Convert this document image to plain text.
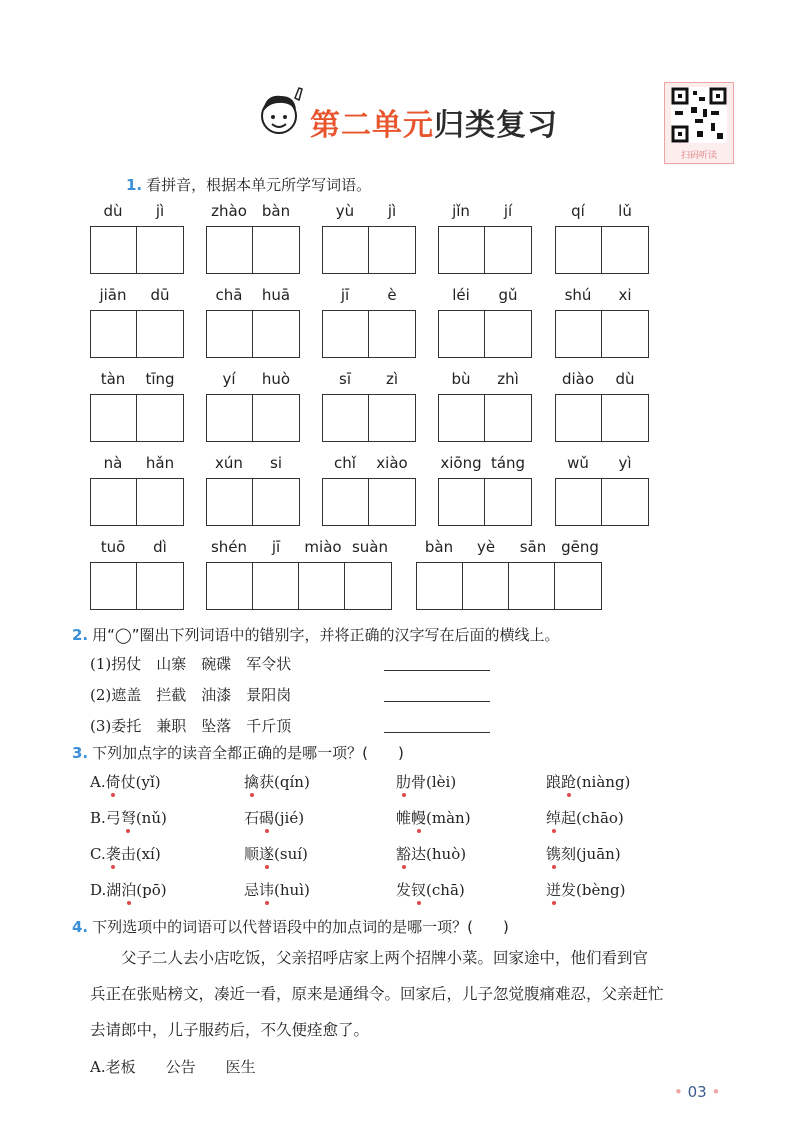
第二单元归类复习
扫码听读
1. 看拼音，根据本单元所学写词语。
dù	jì	zhào	bàn	yù	jì	jǐn	jí	qí	lǔ
jiān	dū	chā	huā	jī	è	léi	gǔ	shú	xi
tàn	tīng	yí	huò	sī	zì	bù	zhì	diào	dù
nà	hǎn	xún	si	chǐ	xiào	xiōng táng	wǔ	yì
tuō	dì	shén	jī	miào suàn	bàn	yè	sān gēng
2. 用“◯”圈出下列词语中的错别字，并将正确的汉字写在后面的横线上。
(1)拐仗　山寨　碗碟　军令状
(2)遮盖　拦截　油漆　景阳岗
(3)委托　兼职　坠落　千斤顶
3. 下列加点字的读音全都正确的是哪一项？(　　)
A.倚仗(yǐ)	擒获(qín)	肋骨(lèi)	踉跄(niàng)
B.弓弩(nǔ)	石碣(jié)	帷幔(màn)	绰起(chāo)
C.袭击(xí)	顺遂(suí)	豁达(huò)	镌刻(juān)
D.湖泊(pō)	忌讳(huì)	发钗(chā)	迸发(bèng)
4. 下列选项中的词语可以代替语段中的加点词的是哪一项？(　　)
　　父子二人去小店吃饭，父亲招呼店家上两个招牌小菜。回家途中，他们看到官
兵正在张贴榜文，凑近一看，原来是通缉令。回家后，儿子忽觉腹痛难忍，父亲赶忙
去请郎中，儿子服药后，不久便痊愈了。
A.老板　　公告　　医生
• 03 •
